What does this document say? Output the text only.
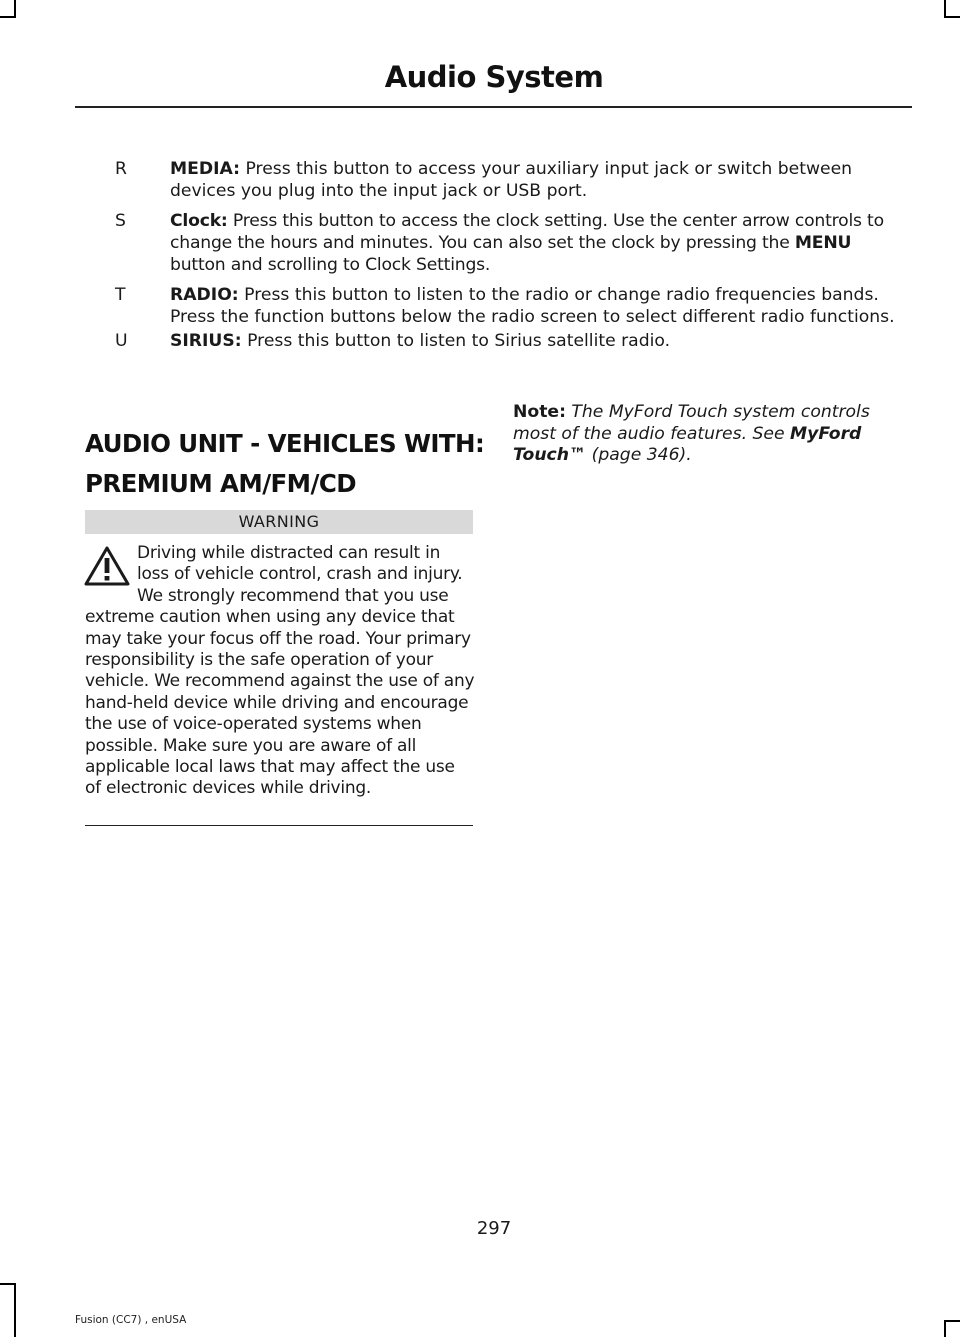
Audio System
R	MEDIA: Press this button to access your auxiliary input jack or switch between devices you plug into the input jack or USB port.
S	Clock: Press this button to access the clock setting. Use the center arrow controls to change the hours and minutes. You can also set the clock by pressing the MENU button and scrolling to Clock Settings.
T	RADIO: Press this button to listen to the radio or change radio frequencies bands. Press the function buttons below the radio screen to select different radio functions.
U SIRIUS: Press this button to listen to Sirius satellite radio.
AUDIO UNIT - VEHICLES WITH:
PREMIUM AM/FM/CD
WARNING
Driving while distracted can result in loss of vehicle control, crash and injury. We strongly recommend that you use extreme caution when using any device that may take your focus off the road. Your primary responsibility is the safe operation of your vehicle. We recommend against the use of any hand-held device while driving and encourage the use of voice-operated systems when possible. Make sure you are aware of all applicable local laws that may affect the use of electronic devices while driving.
Note: The MyFord Touch system controls most of the audio features. See MyFord Touch™ (page 346).
297
Fusion (CC7) , enUSA
